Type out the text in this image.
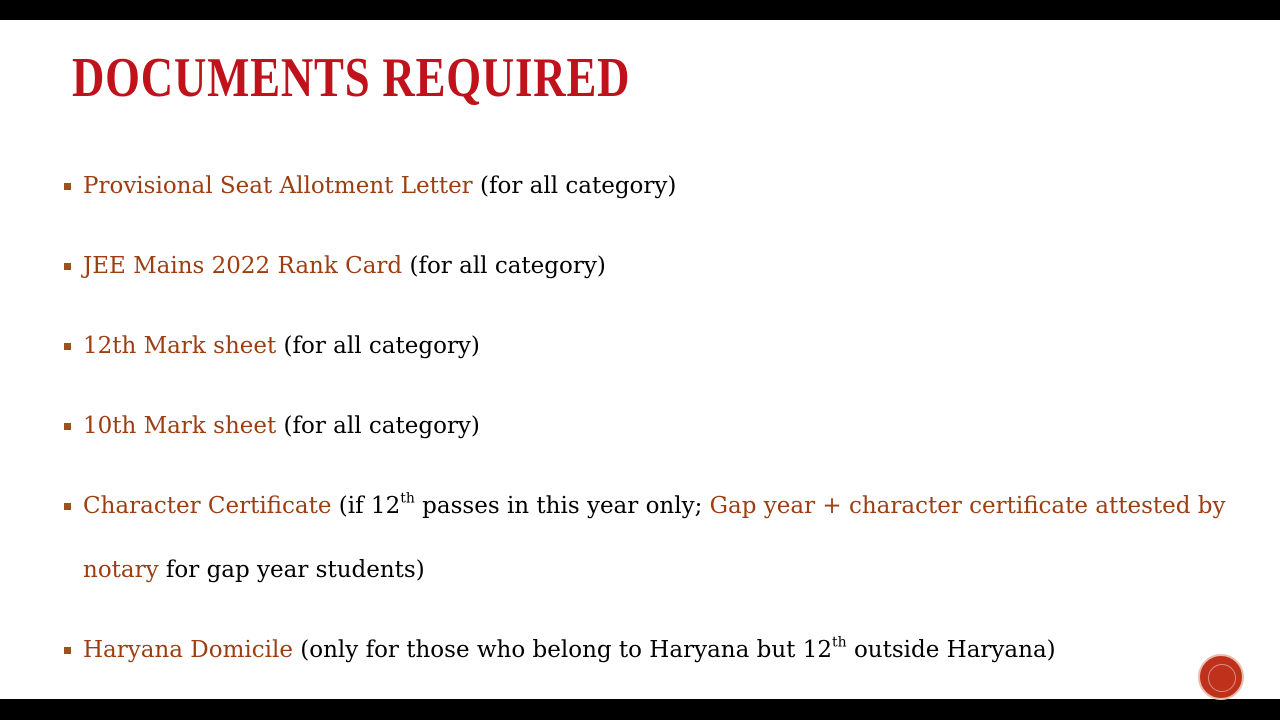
DOCUMENTS REQUIRED
Provisional Seat Allotment Letter (for all category)
JEE Mains 2022 Rank Card (for all category)
12th Mark sheet (for all category)
10th Mark sheet (for all category)
Character Certificate (if 12th passes in this year only; Gap year + character certificate attested by notary for gap year students)
Haryana Domicile (only for those who belong to Haryana but 12th outside Haryana)
